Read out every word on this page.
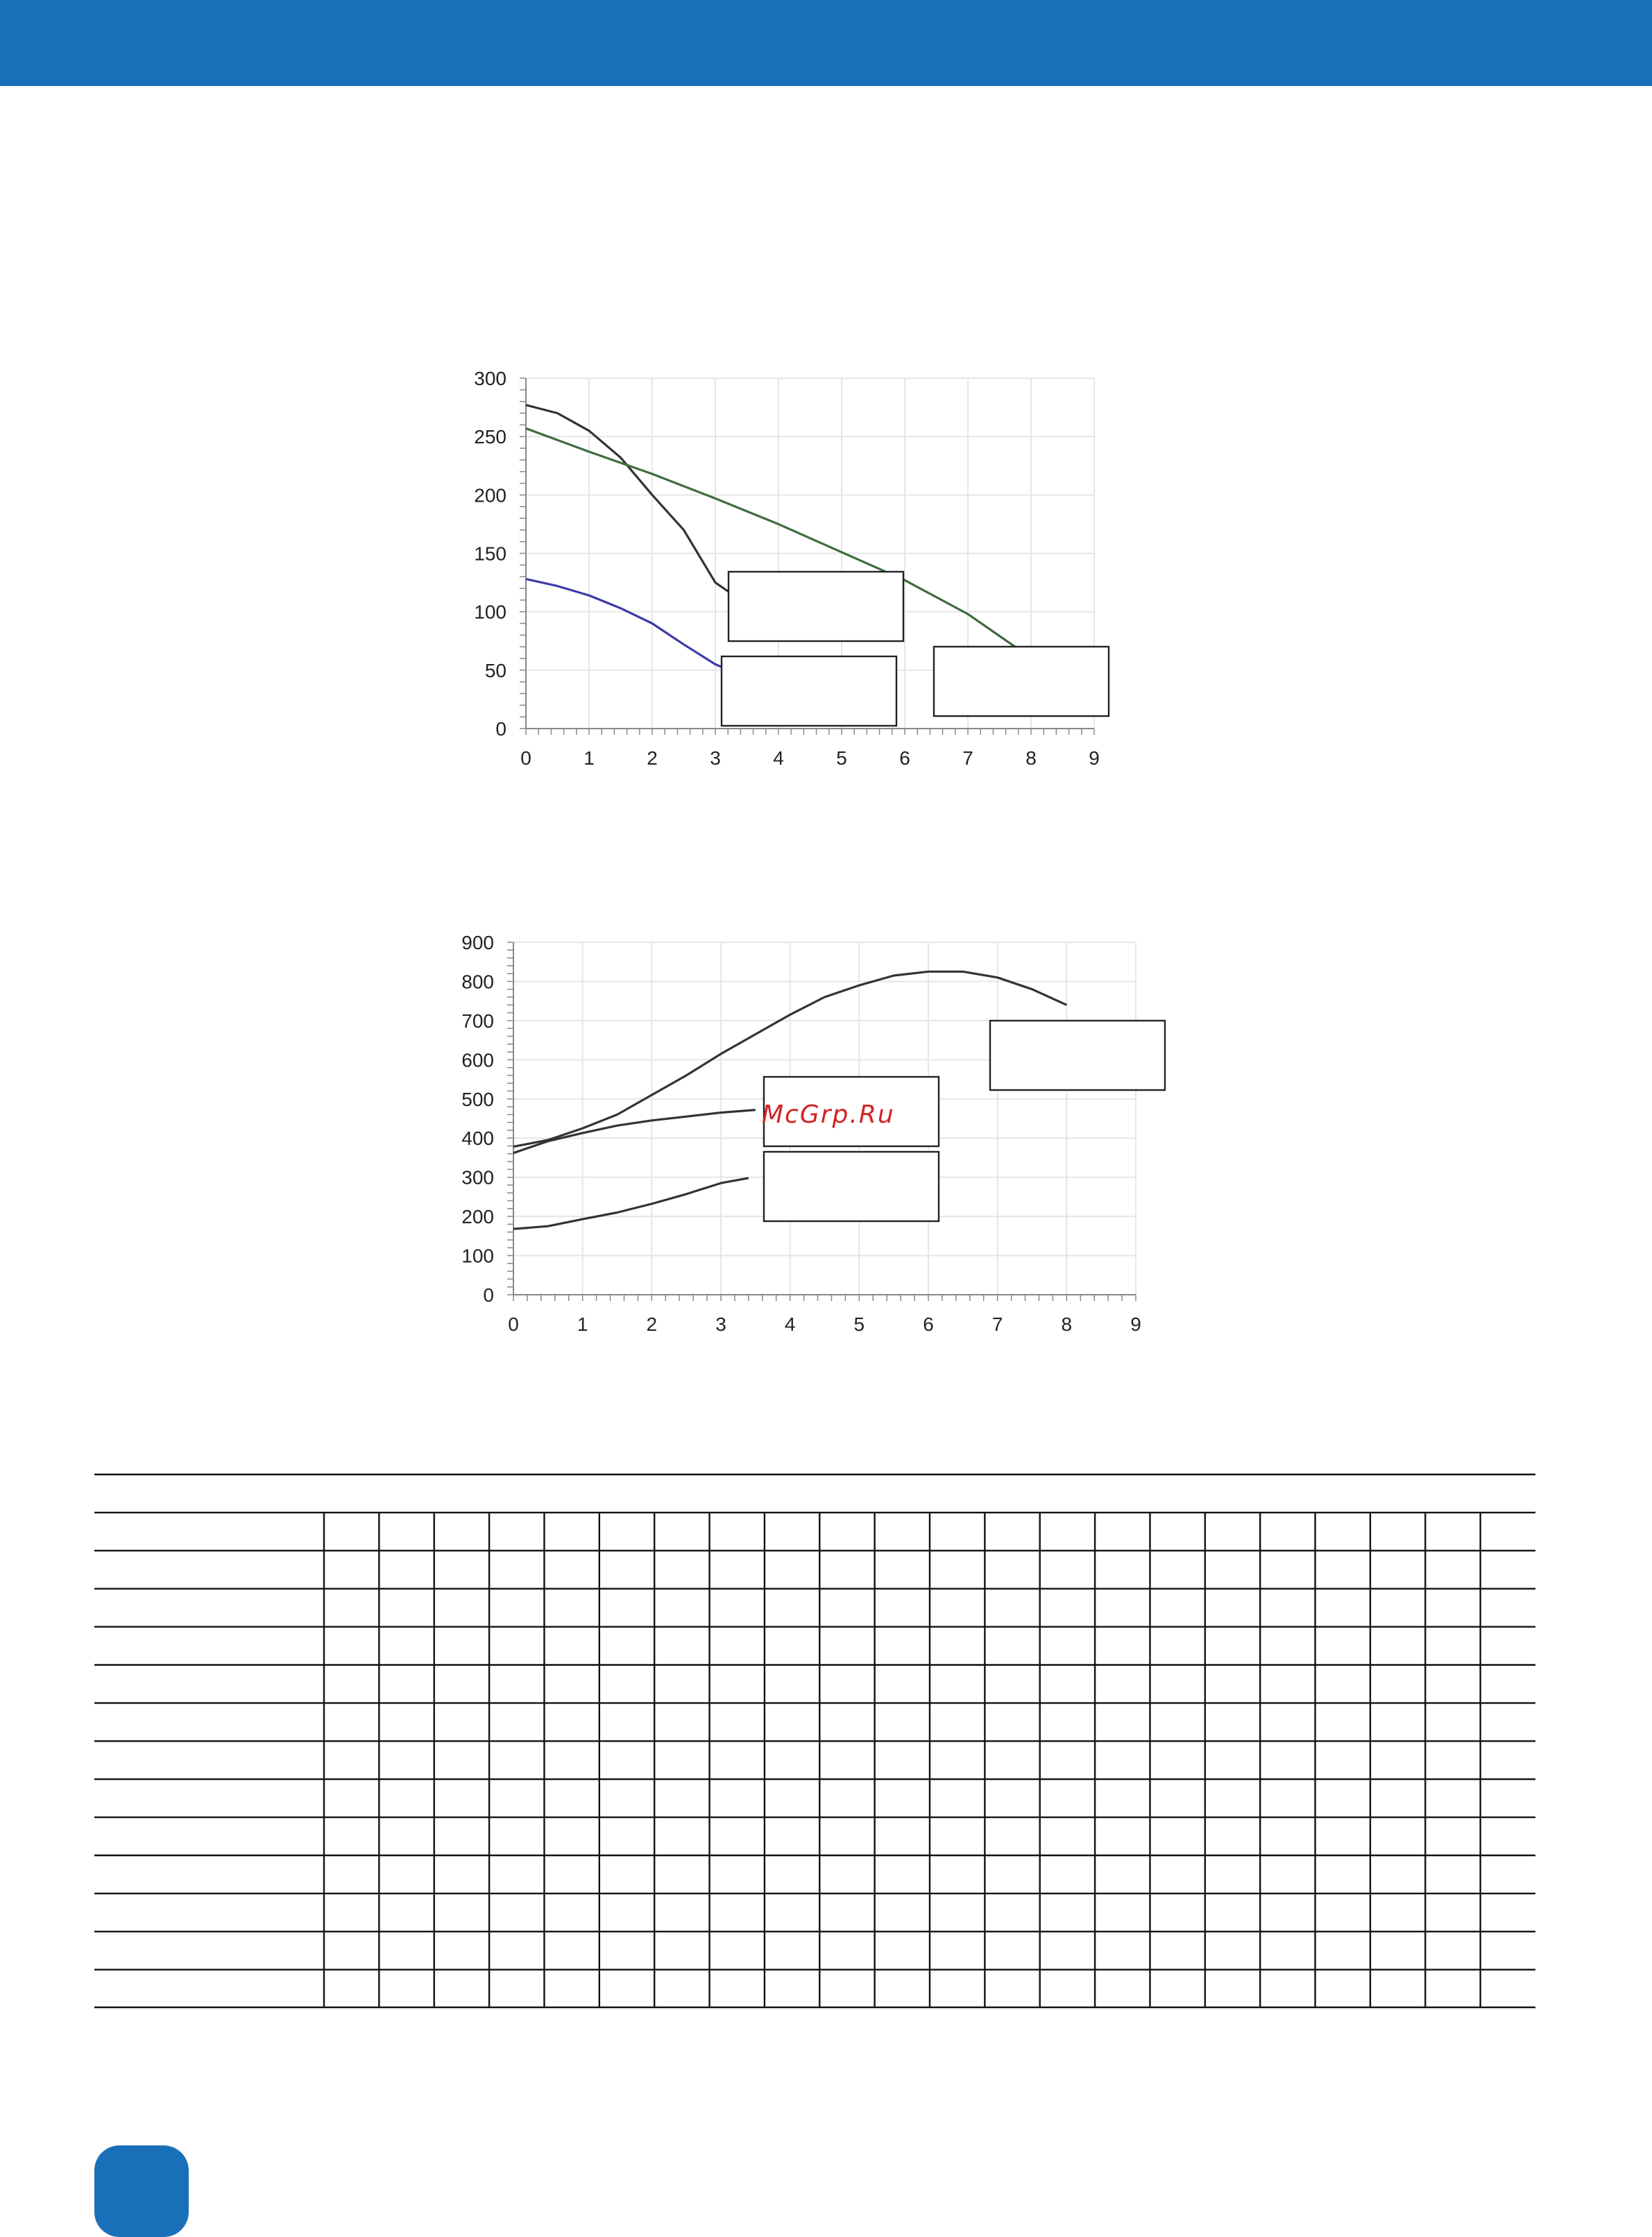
0	1	2	3	4	5	6	7	8	9
0
50
100
150
200
250
300
0	1	2	3	4	5	6	7	8	9
0
100
200
300
400
500
600
700
800
900
McGrp.Ru
